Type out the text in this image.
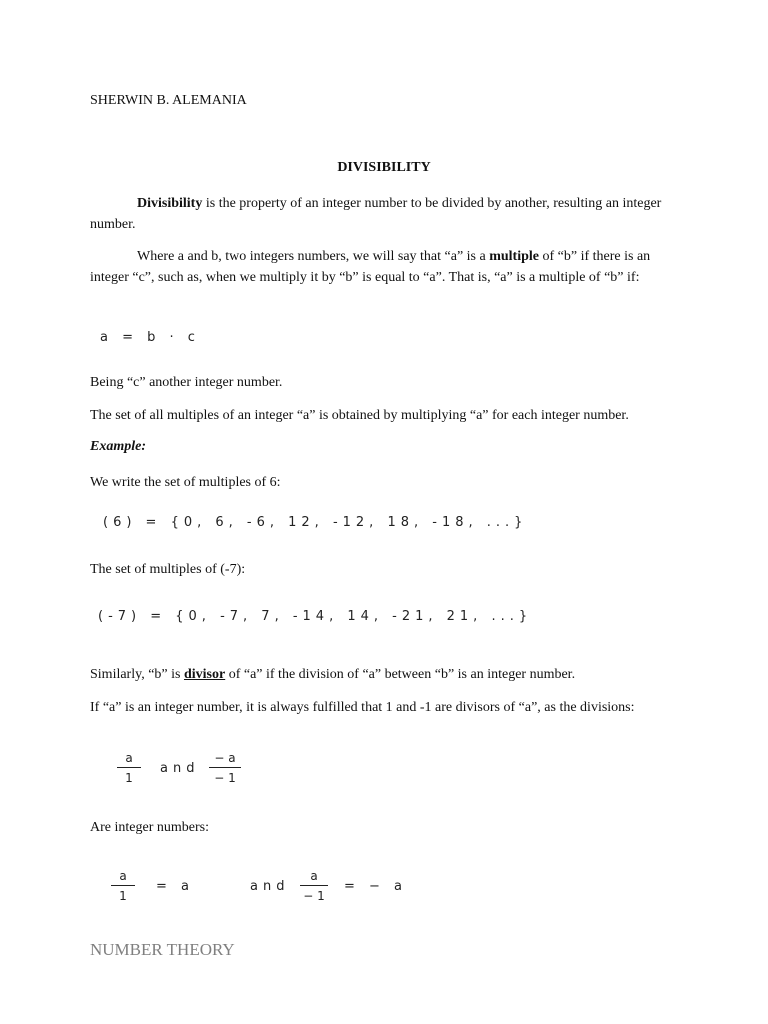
SHERWIN B. ALEMANIA
DIVISIBILITY
Divisibility is the property of an integer number to be divided by another, resulting an integer number.
Where a and b, two integers numbers, we will say that “a” is a multiple of “b” if there is an integer “c”, such as, when we multiply it by “b” is equal to “a”. That is, “a” is a multiple of “b” if:
a = b · c
Being “c” another integer number.
The set of all multiples of an integer “a” is obtained by multiplying “a” for each integer number.
Example:
We write the set of multiples of 6:
(6) = {0, 6, -6, 12, -12, 18, -18, ...}
The set of multiples of (-7):
(-7) = {0, -7, 7, -14, 14, -21, 21, ...}
Similarly, “b” is divisor of “a” if the division of “a” between “b” is an integer number.
If “a” is an integer number, it is always fulfilled that 1 and -1 are divisors of “a”, as the divisions:
a
1
and
− a
− 1
Are integer numbers:
a
1
= a	and
a
− 1
= − a
NUMBER THEORY
